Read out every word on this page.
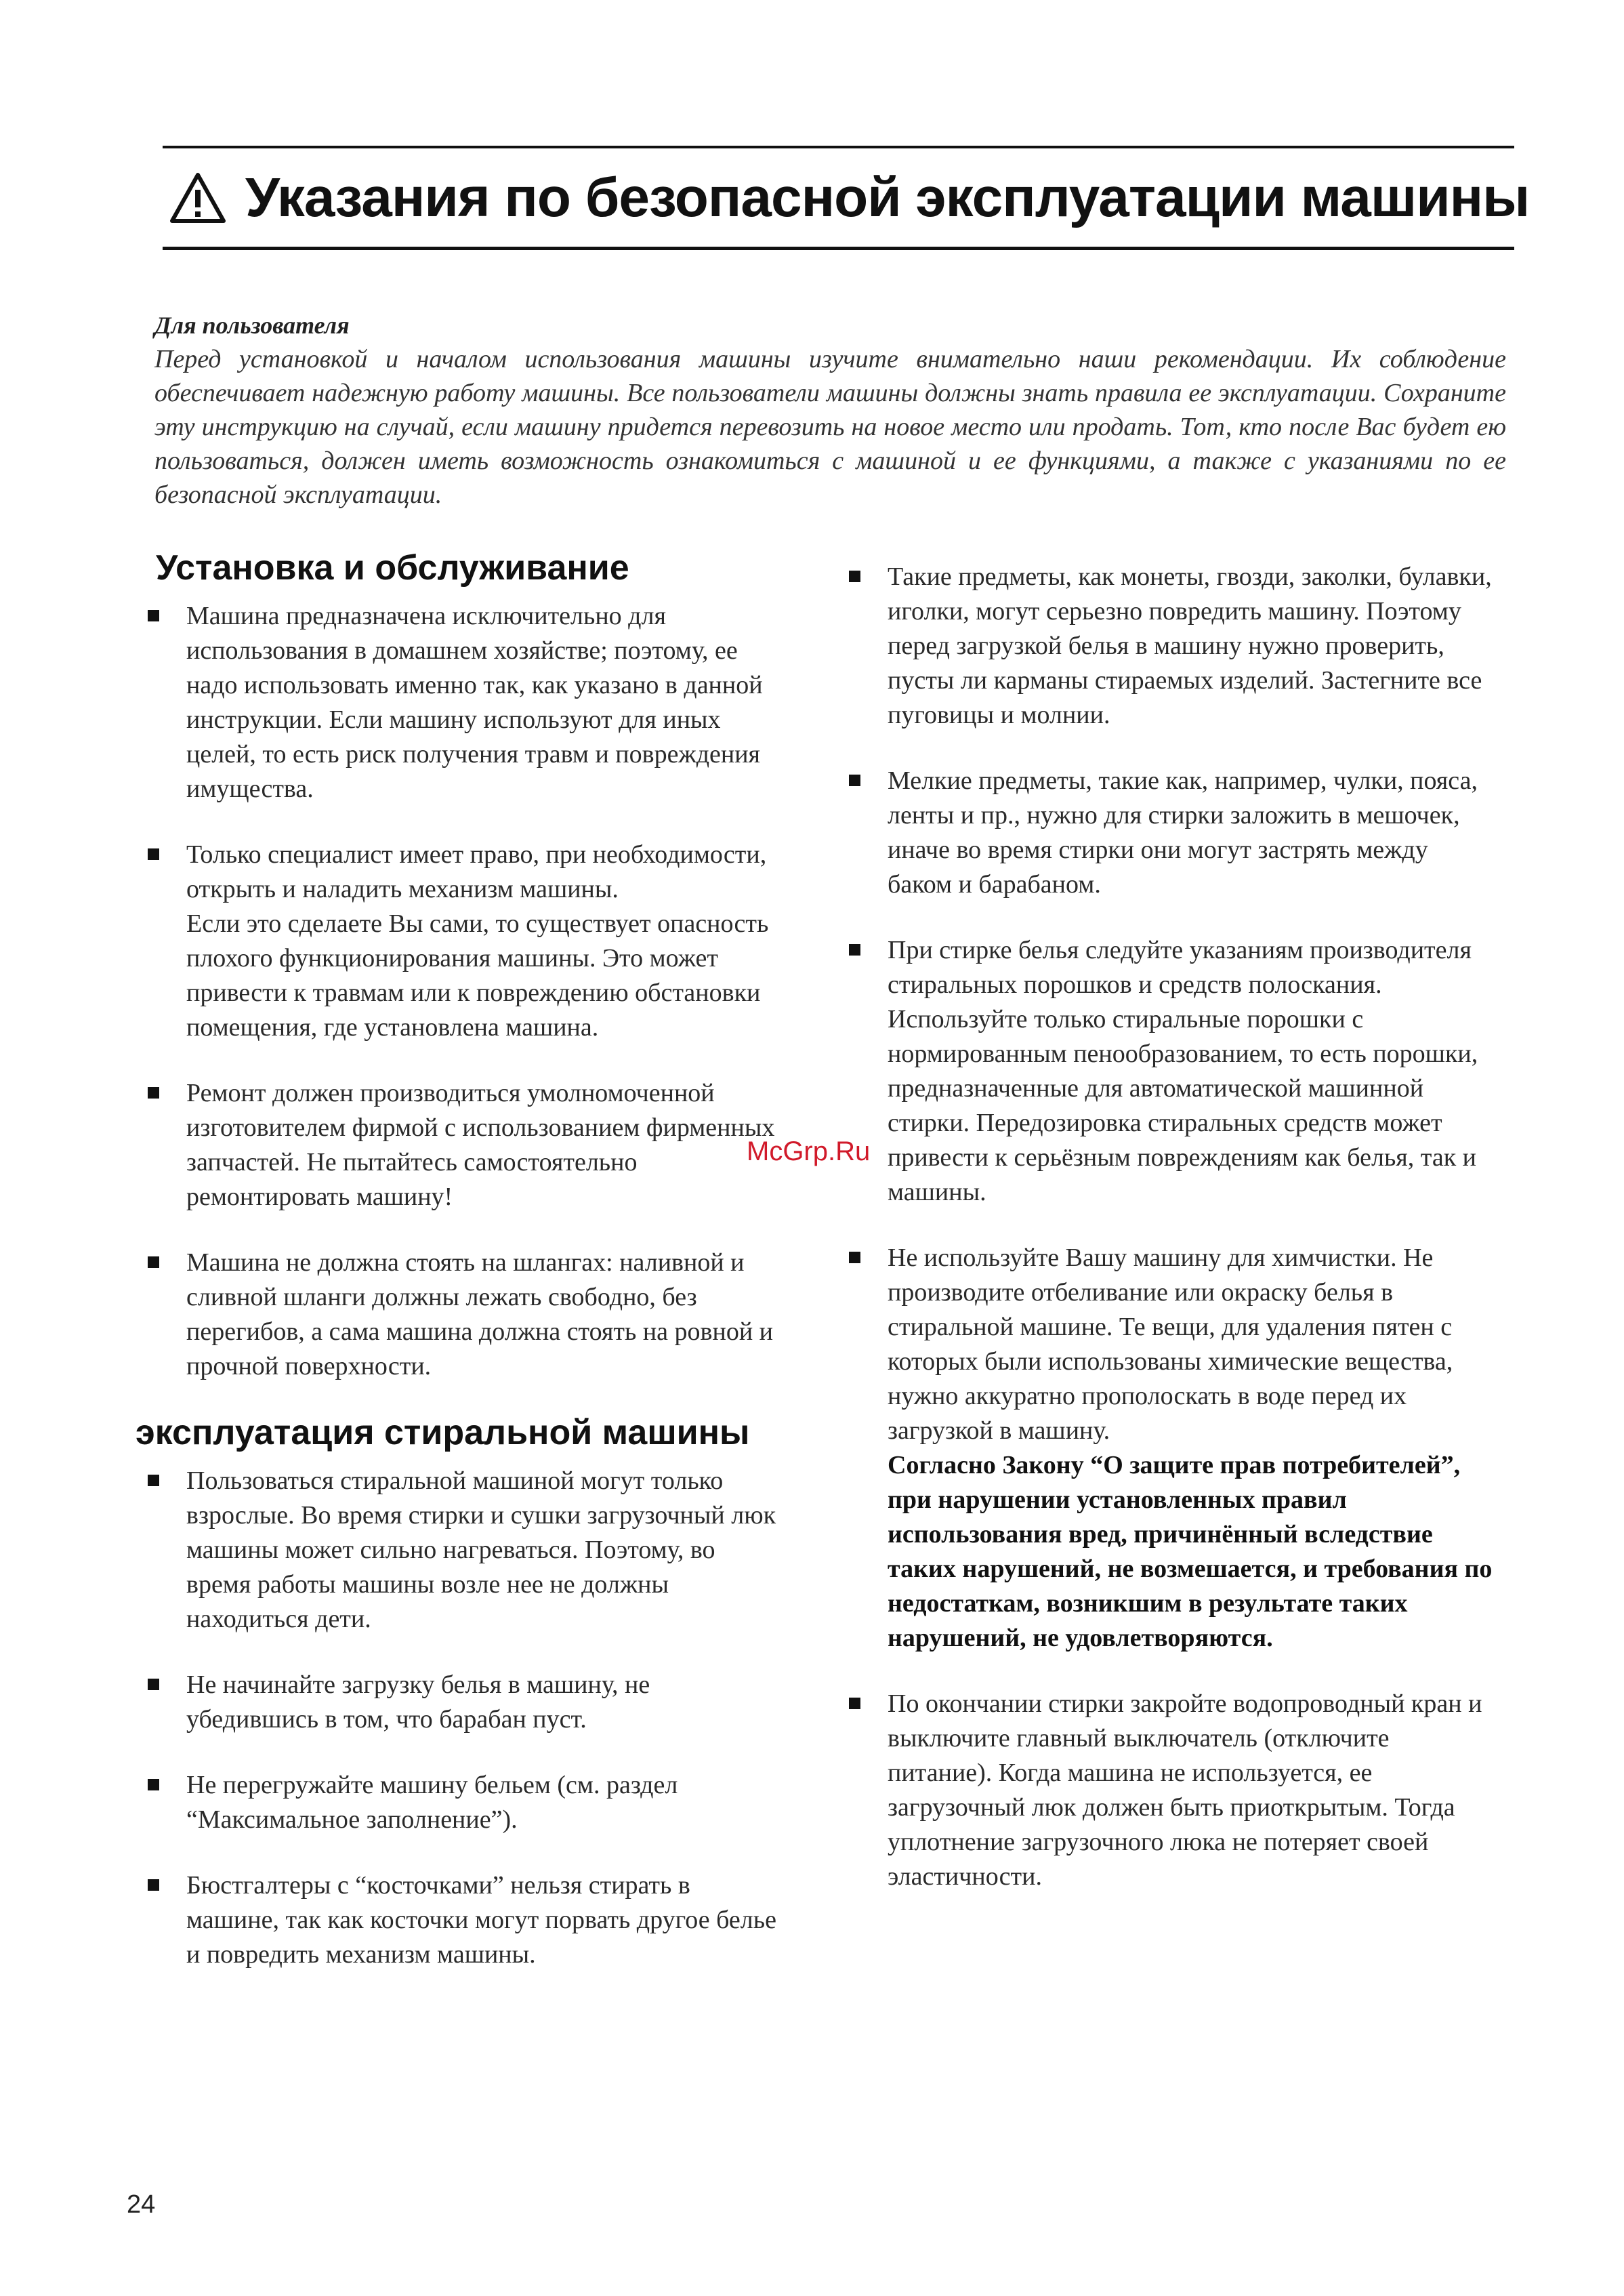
Указания по безопасной эксплуатации машины
Для пользователя
Перед установкой и началом использования машины изучите внимательно наши рекомендации. Их соблюдение обеспечивает надежную работу машины. Все пользователи машины должны знать правила ее эксплуатации. Сохраните эту инструкцию на случай, если машину придется перевозить на новое место или продать. Тот, кто после Вас будет ею пользоваться, должен иметь возможность ознакомиться с машиной и ее функциями, а также с указаниями по ее безопасной эксплуатации.
Установка и обслуживание
Машина предназначена исключительно для использования в домашнем хозяйстве; поэтому, ее надо использовать именно так, как указано в данной инструкции. Если машину используют для иных целей, то есть риск получения травм и повреждения имущества.
Только специалист имеет право, при необходимости, открыть и наладить механизм машины.
Если это сделаете Вы сами, то существует опасность плохого функционирования машины. Это может привести к травмам или к повреждению обстановки помещения, где установлена машина.
Ремонт должен производиться умолномоченной изготовителем фирмой с использованием фирменных запчастей. Не пытайтесь самостоятельно ремонтировать машину!
Машина не должна стоять на шлангах: наливной и сливной шланги должны лежать свободно, без перегибов, а сама машина должна стоять на ровной и прочной поверхности.
эксплуатация стиральной машины
Пользоваться стиральной машиной могут только взрослые. Во время стирки и сушки загрузочный люк машины может сильно нагреваться. Поэтому, во время работы машины возле нее не должны находиться дети.
Не начинайте загрузку белья в машину, не убедившись в том, что барабан пуст.
Не перегружайте машину бельем (см. раздел “Максимальное заполнение”).
Бюстгалтеры с “косточками” нельзя стирать в машине, так как косточки могут порвать другое белье и повредить механизм машины.
Такие предметы, как монеты, гвозди, заколки, булавки, иголки, могут серьезно повредить машину. Поэтому перед загрузкой белья в машину нужно проверить, пусты ли карманы стираемых изделий. Застегните все пуговицы и молнии.
Мелкие предметы, такие как, например, чулки, пояса, ленты и пр., нужно для стирки заложить в мешочек, иначе во время стирки они могут застрять между баком и барабаном.
При стирке белья следуйте указаниям производителя стиральных порошков и средств полоскания. Используйте только стиральные порошки с нормированным пенообразованием, то есть порошки, предназначенные для автоматической машинной стирки. Передозировка стиральных средств может привести к серьёзным повреждениям как белья, так и машины.
Не используйте Вашу машину для химчистки. Не производите отбеливание или окраску белья в стиральной машине. Те вещи, для удаления пятен с которых были использованы химические вещества, нужно аккуратно прополоскать в воде перед их загрузкой в машину.
Согласно Закону “О защите прав потребителей”, при нарушении установленных правил использования вред, причинённый вследствие таких нарушений, не возмешается, и требования по недостаткам, возникшим в результате таких нарушений, не удовлетворяются.
По окончании стирки закройте водопроводный кран и выключите главный выключатель (отключите питание). Когда машина не используется, ее загрузочный люк должен быть приоткрытым. Тогда уплотнение загрузочного люка не потеряет своей эластичности.
McGrp.Ru
24
